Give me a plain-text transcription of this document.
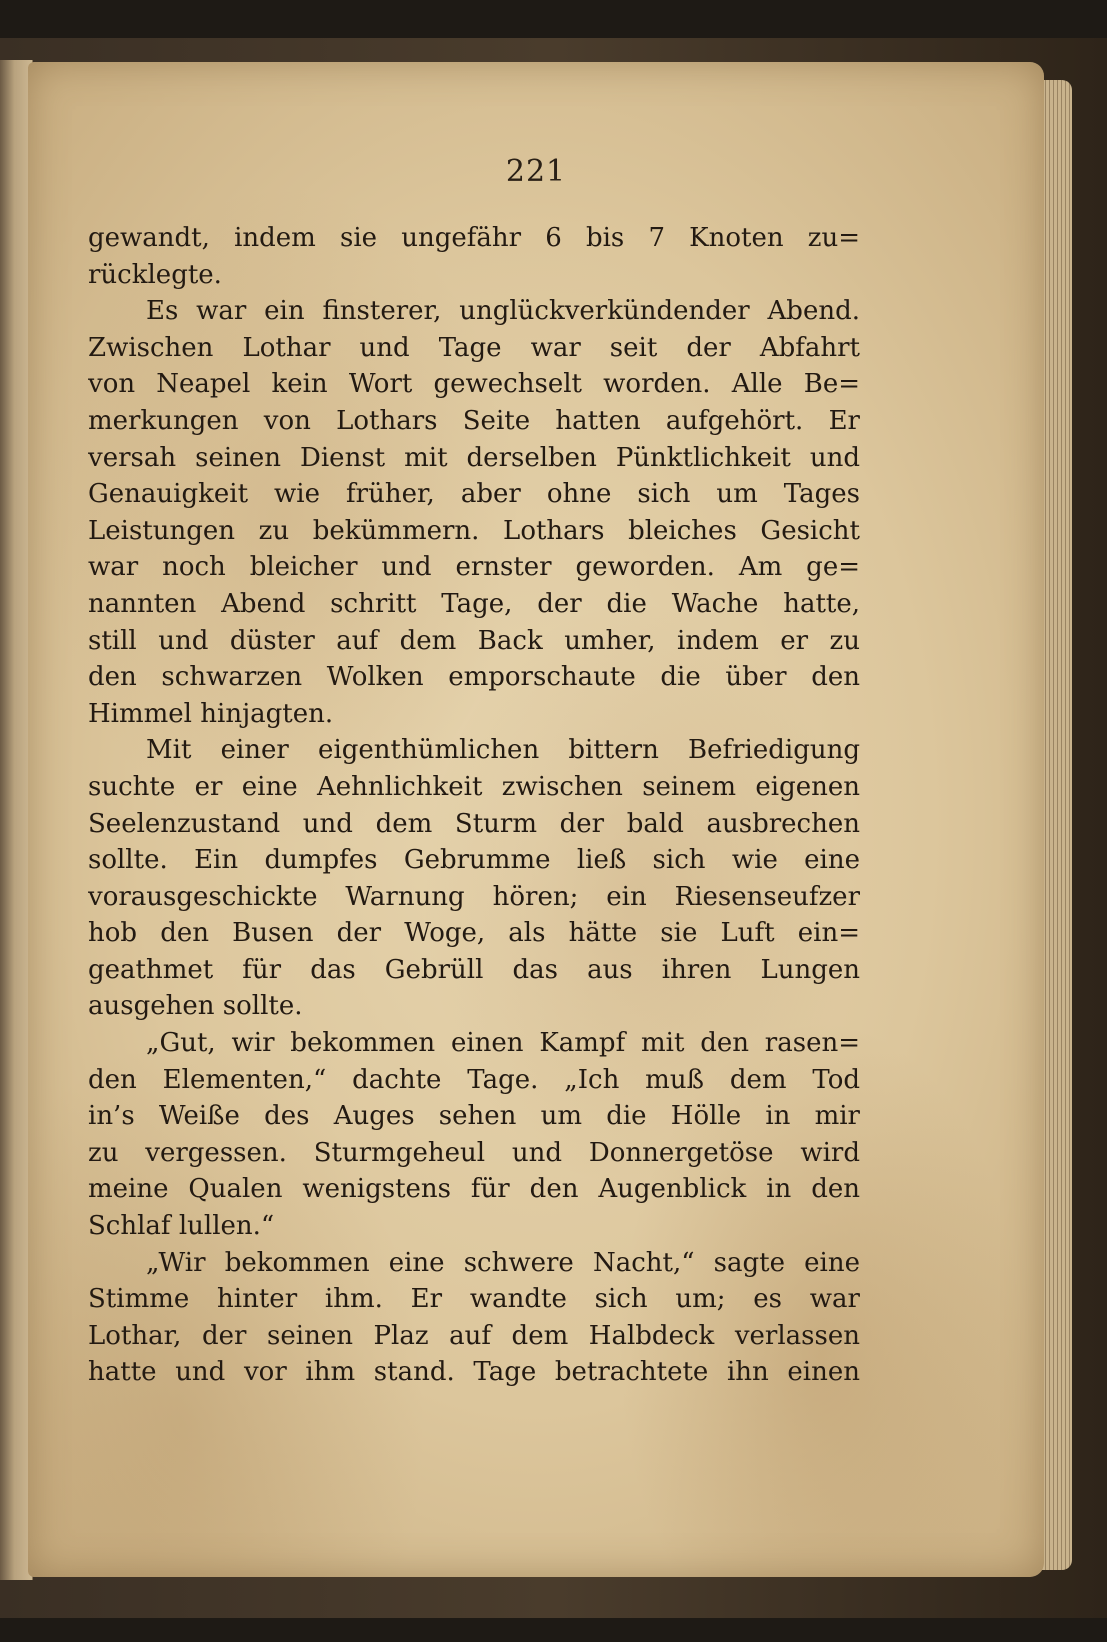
221
gewandt, indem sie ungefähr 6 bis 7 Knoten zu=
rücklegte.
Es war ein finsterer, unglückverkündender Abend.
Zwischen Lothar und Tage war seit der Abfahrt
von Neapel kein Wort gewechselt worden. Alle Be=
merkungen von Lothars Seite hatten aufgehört. Er
versah seinen Dienst mit derselben Pünktlichkeit und
Genauigkeit wie früher, aber ohne sich um Tages
Leistungen zu bekümmern. Lothars bleiches Gesicht
war noch bleicher und ernster geworden. Am ge=
nannten Abend schritt Tage, der die Wache hatte,
still und düster auf dem Back umher, indem er zu
den schwarzen Wolken emporschaute die über den
Himmel hinjagten.
Mit einer eigenthümlichen bittern Befriedigung
suchte er eine Aehnlichkeit zwischen seinem eigenen
Seelenzustand und dem Sturm der bald ausbrechen
sollte. Ein dumpfes Gebrumme ließ sich wie eine
vorausgeschickte Warnung hören; ein Riesenseufzer
hob den Busen der Woge, als hätte sie Luft ein=
geathmet für das Gebrüll das aus ihren Lungen
ausgehen sollte.
„Gut, wir bekommen einen Kampf mit den rasen=
den Elementen,“ dachte Tage. „Ich muß dem Tod
in’s Weiße des Auges sehen um die Hölle in mir
zu vergessen. Sturmgeheul und Donnergetöse wird
meine Qualen wenigstens für den Augenblick in den
Schlaf lullen.“
„Wir bekommen eine schwere Nacht,“ sagte eine
Stimme hinter ihm. Er wandte sich um; es war
Lothar, der seinen Plaz auf dem Halbdeck verlassen
hatte und vor ihm stand. Tage betrachtete ihn einen
